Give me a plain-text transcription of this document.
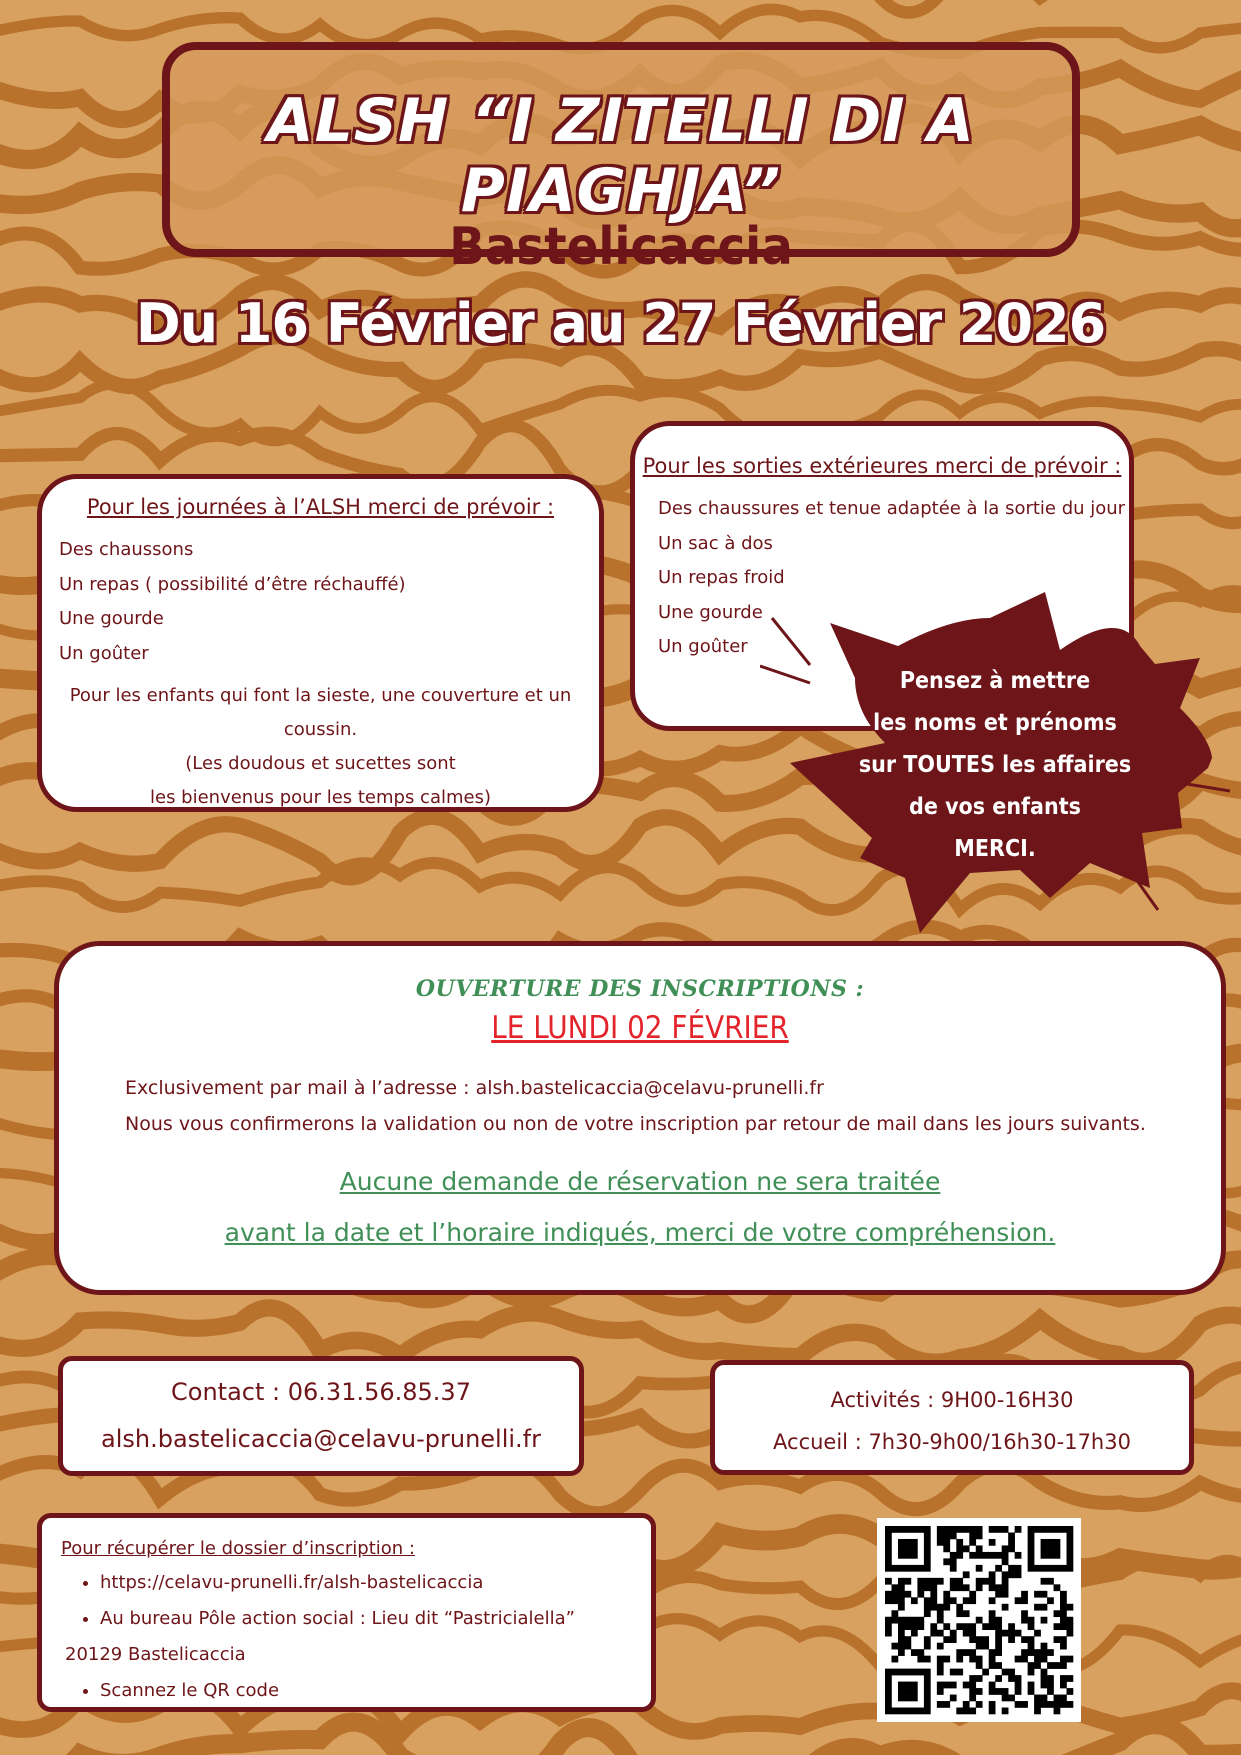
ALSH “I ZITELLI DI A PIAGHJA”
Bastelicaccia
Du 16 Février au 27 Février 2026
Pour les journées à l’ALSH merci de prévoir :
Des chaussons
Un repas ( possibilité d’être réchauffé)
Une gourde
Un goûter
Pour les enfants qui font la sieste, une couverture et un coussin.
(Les doudous et sucettes sont
les bienvenus pour les temps calmes)
Pour les sorties extérieures merci de prévoir :
Des chaussures et tenue adaptée à la sortie du jour
Un sac à dos
Un repas froid
Une gourde
Un goûter
Pensez à mettre
les noms et prénoms
sur TOUTES les affaires
de vos enfants
MERCI.
OUVERTURE DES INSCRIPTIONS :
LE LUNDI 02 FÉVRIER
Exclusivement par mail à l’adresse : alsh.bastelicaccia@celavu-prunelli.fr
Nous vous confirmerons la validation ou non de votre inscription par retour de mail dans les jours suivants.
Aucune demande de réservation ne sera traitée
avant la date et l’horaire indiqués, merci de votre compréhension.
Contact : 06.31.56.85.37
alsh.bastelicaccia@celavu-prunelli.fr
Activités : 9H00-16H30
Accueil : 7h30-9h00/16h30-17h30
Pour récupérer le dossier d’inscription :
• https://celavu-prunelli.fr/alsh-bastelicaccia
• Au bureau Pôle action social : Lieu dit “Pastricialella”
20129 Bastelicaccia
• Scannez le QR code
